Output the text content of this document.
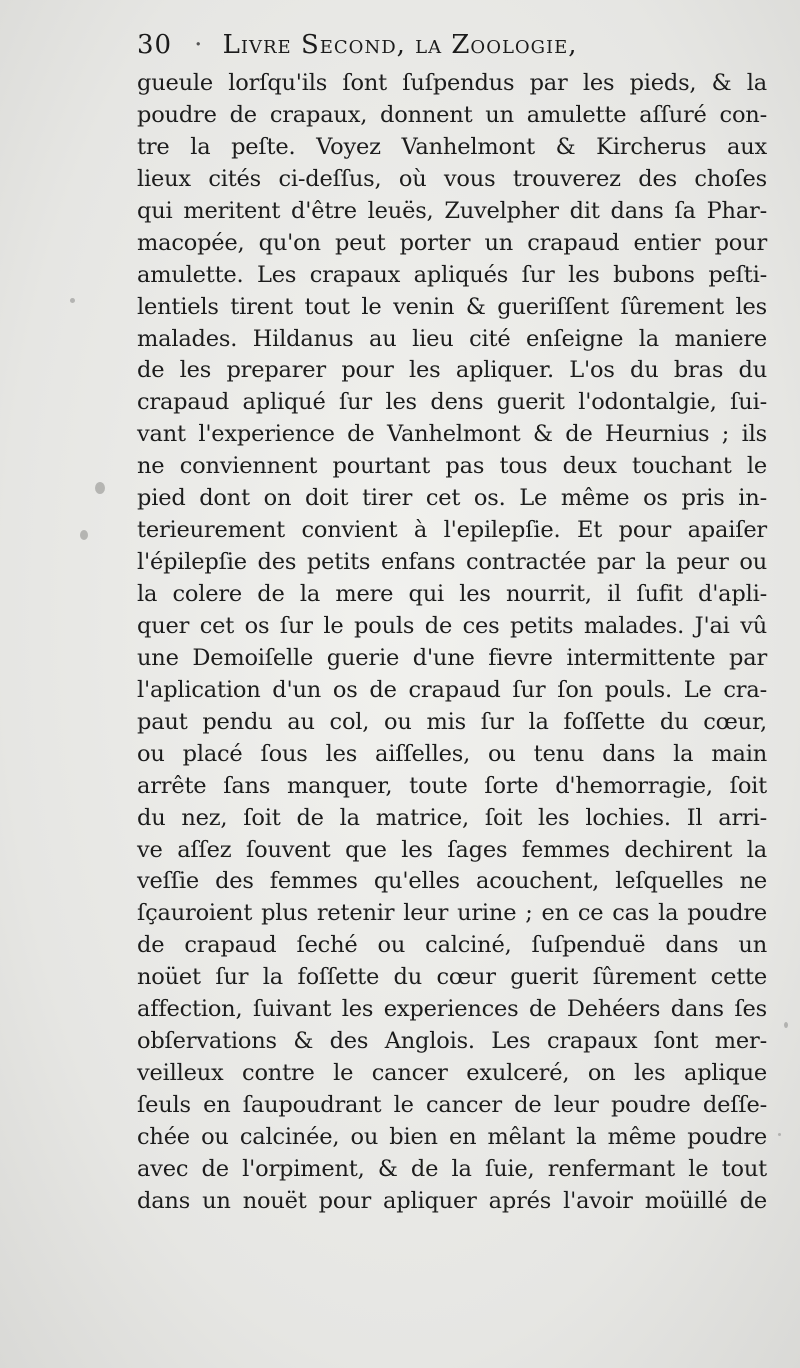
30 · Livre Second, la Zoologie,
gueule lorſqu'ils ſont ſuſpendus par les pieds, & la
poudre de crapaux, donnent un amulette aſſuré con-
tre la peſte. Voyez Vanhelmont & Kircherus aux
lieux cités ci-deſſus, où vous trouverez des choſes
qui meritent d'être leuës, Zuvelpher dit dans ſa Phar-
macopée, qu'on peut porter un crapaud entier pour
amulette. Les crapaux apliqués ſur les bubons peſti-
lentiels tirent tout le venin & gueriſſent ſûrement les
malades. Hildanus au lieu cité enſeigne la maniere
de les preparer pour les apliquer. L'os du bras du
crapaud apliqué ſur les dens guerit l'odontalgie, ſui-
vant l'experience de Vanhelmont & de Heurnius ; ils
ne conviennent pourtant pas tous deux touchant le
pied dont on doit tirer cet os. Le même os pris in-
terieurement convient à l'epilepſie. Et pour apaiſer
l'épilepſie des petits enfans contractée par la peur ou
la colere de la mere qui les nourrit, il ſufit d'apli-
quer cet os ſur le pouls de ces petits malades. J'ai vû
une Demoiſelle guerie d'une fievre intermittente par
l'aplication d'un os de crapaud ſur ſon pouls. Le cra-
paut pendu au col, ou mis ſur la foſſette du cœur,
ou placé ſous les aiſſelles, ou tenu dans la main
arrête ſans manquer, toute ſorte d'hemorragie, ſoit
du nez, ſoit de la matrice, ſoit les lochies. Il arri-
ve aſſez ſouvent que les ſages femmes dechirent la
veſſie des femmes qu'elles acouchent, leſquelles ne
ſçauroient plus retenir leur urine ; en ce cas la poudre
de crapaud ſeché ou calciné, ſuſpenduë dans un
noüet ſur la foſſette du cœur guerit ſûrement cette
affection, ſuivant les experiences de Dehéers dans ſes
obſervations & des Anglois. Les crapaux ſont mer-
veilleux contre le cancer exulceré, on les aplique
ſeuls en ſaupoudrant le cancer de leur poudre deſſe-
chée ou calcinée, ou bien en mêlant la même poudre
avec de l'orpiment, & de la ſuie, renfermant le tout
dans un nouët pour apliquer aprés l'avoir moüillé de
